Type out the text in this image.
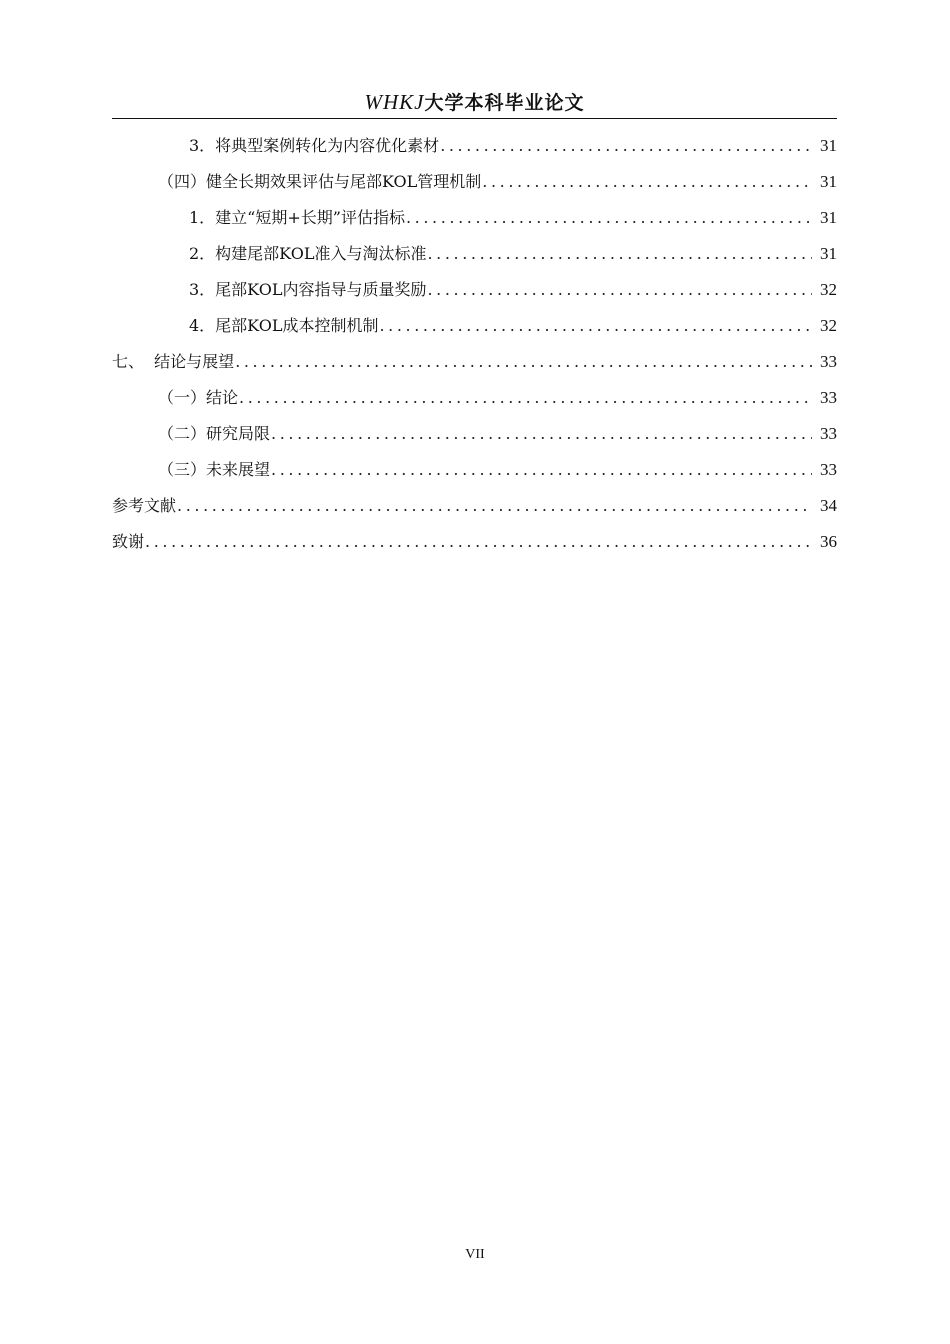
WHKJ大学本科毕业论文
3．将典型案例转化为内容优化素材 .....	31
（四）健全长期效果评估与尾部KOL管理机制 .....	31
1．建立“短期+长期”评估指标 .....	31
2．构建尾部KOL准入与淘汰标准 .....	31
3．尾部KOL内容指导与质量奖励 .....	32
4．尾部KOL成本控制机制 .....	32
七、  结论与展望 .....	33
（一）结论 .....	33
（二）研究局限 .....	33
（三）未来展望 .....	33
参考文献 .....	34
致谢 .....	36
VII
